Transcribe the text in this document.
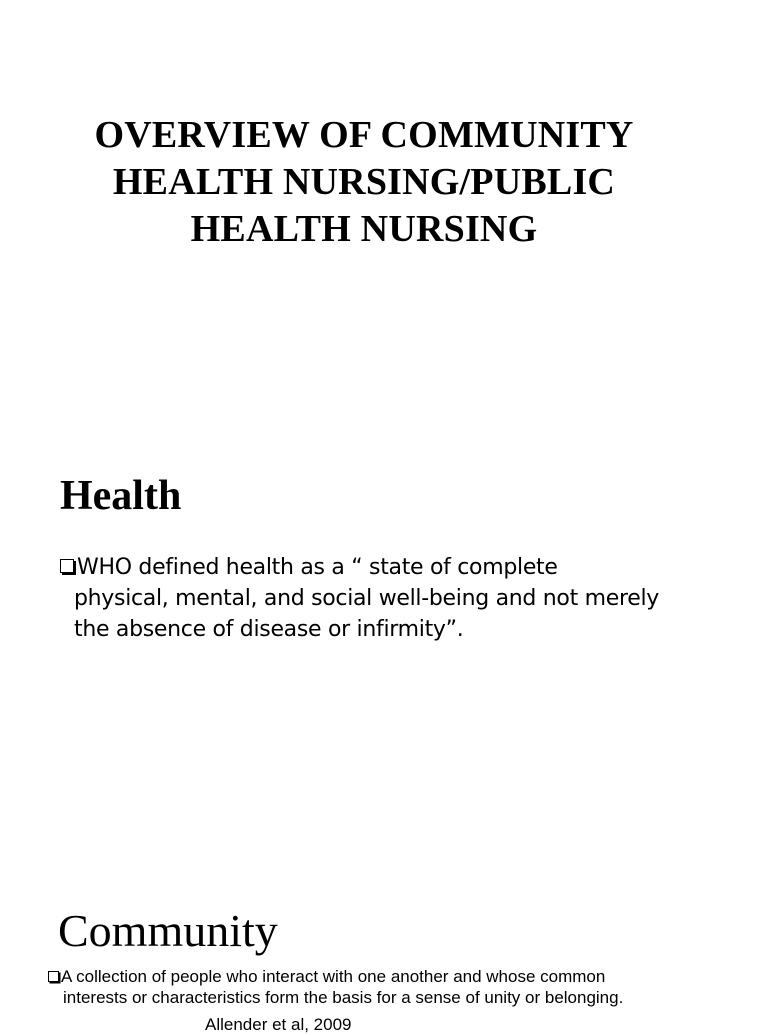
OVERVIEW OF COMMUNITY
HEALTH NURSING/PUBLIC
HEALTH NURSING
Health

WHO defined health as a “ state of complete
physical, mental, and social well-being and not merely
the absence of disease or infirmity”.

Community

A collection of people who interact with one another and whose common
interests or characteristics form the basis for a sense of unity or belonging.

Allender et al, 2009
